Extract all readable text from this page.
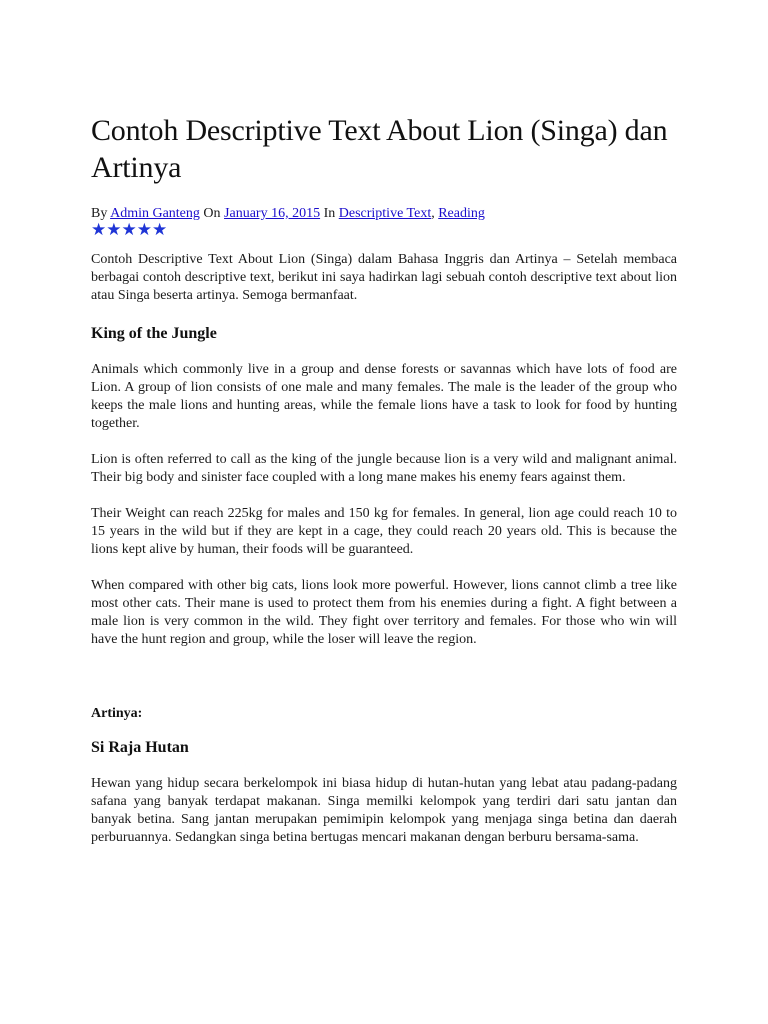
Contoh Descriptive Text About Lion (Singa) dan Artinya
By Admin Ganteng On January 16, 2015 In Descriptive Text, Reading
★★★★★

Contoh Descriptive Text About Lion (Singa) dalam Bahasa Inggris dan Artinya – Setelah membaca berbagai contoh descriptive text, berikut ini saya hadirkan lagi sebuah contoh descriptive text about lion atau Singa beserta artinya. Semoga bermanfaat.

King of the Jungle

Animals which commonly live in a group and dense forests or savannas which have lots of food are Lion. A group of lion consists of one male and many females. The male is the leader of the group who keeps the male lions and hunting areas, while the female lions have a task to look for food by hunting together.

Lion is often referred to call as the king of the jungle because lion is a very wild and malignant animal. Their big body and sinister face coupled with a long mane makes his enemy fears against them.

Their Weight can reach 225kg for males and 150 kg for females. In general, lion age could reach 10 to 15 years in the wild but if they are kept in a cage, they could reach 20 years old. This is because the lions kept alive by human, their foods will be guaranteed.

When compared with other big cats, lions look more powerful. However, lions cannot climb a tree like most other cats. Their mane is used to protect them from his enemies during a fight. A fight between a male lion is very common in the wild. They fight over territory and females. For those who win will have the hunt region and group, while the loser will leave the region.

Artinya:
Si Raja Hutan

Hewan yang hidup secara berkelompok ini biasa hidup di hutan-hutan yang lebat atau padang-padang safana yang banyak terdapat makanan. Singa memilki kelompok yang terdiri dari satu jantan dan banyak betina. Sang jantan merupakan pemimipin kelompok yang menjaga singa betina dan daerah perburuannya. Sedangkan singa betina bertugas mencari makanan dengan berburu bersama-sama.
